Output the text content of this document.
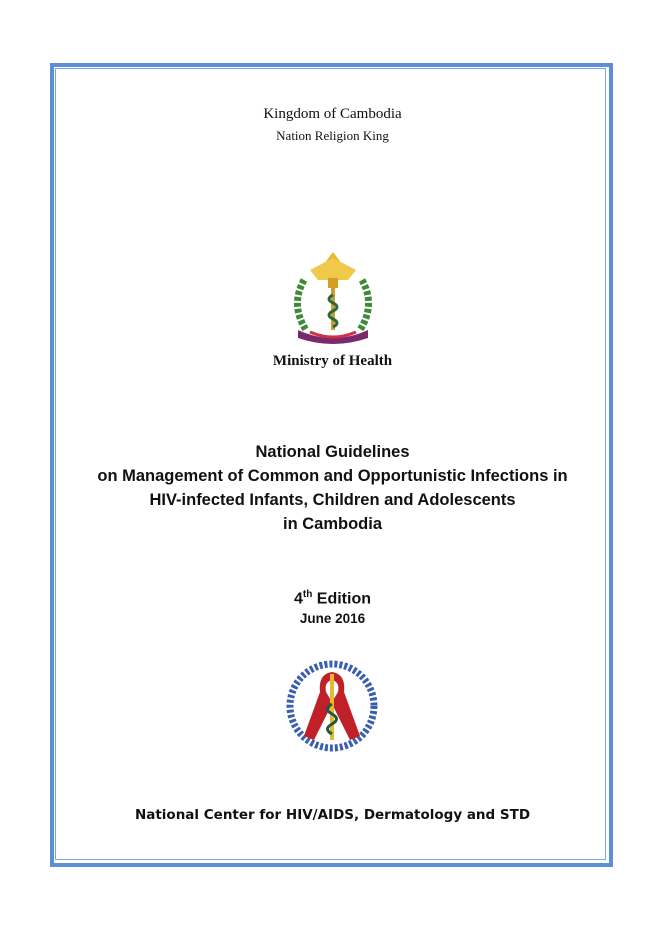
Kingdom of Cambodia
Nation Religion King
Ministry of Health
National Guidelines
on Management of Common and Opportunistic Infections in
HIV-infected Infants, Children and Adolescents
in Cambodia
4th Edition
June 2016
National Center for HIV/AIDS, Dermatology and STD
